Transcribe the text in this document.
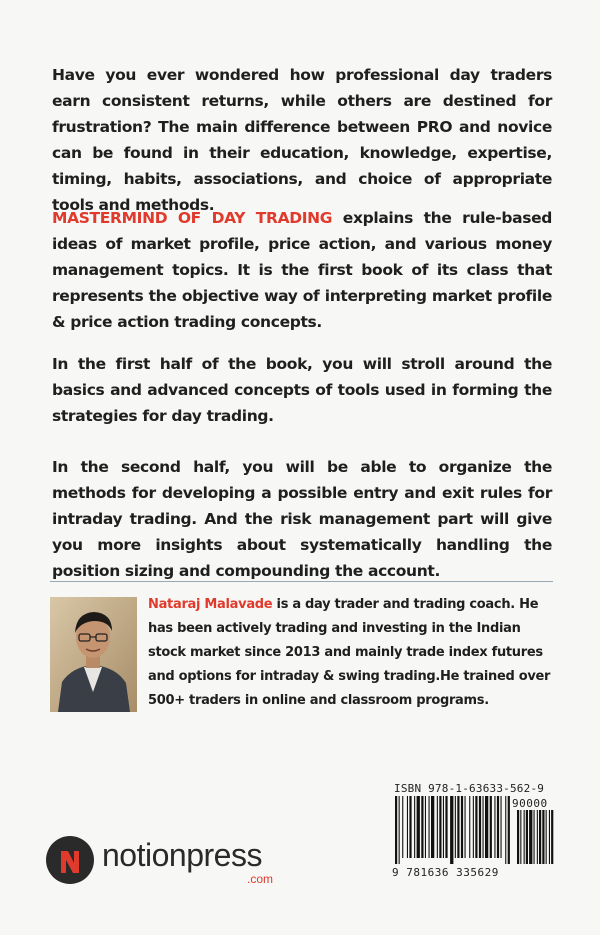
Have you ever wondered how professional day traders earn consistent returns, while others are destined for frustration? The main difference between PRO and novice can be found in their education, knowledge, expertise, timing, habits, associations, and choice of appropriate tools and methods.

MASTERMIND OF DAY TRADING explains the rule-based ideas of market profile, price action, and various money management topics. It is the first book of its class that represents the objective way of interpreting market profile & price action trading concepts.

In the first half of the book, you will stroll around the basics and advanced concepts of tools used in forming the strategies for day trading.

In the second half, you will be able to organize the methods for developing a possible entry and exit rules for intraday trading. And the risk management part will give you more insights about systematically handling the position sizing and compounding the account.

Nataraj Malavade is a day trader and trading coach. He has been actively trading and investing in the Indian stock market since 2013 and mainly trade index futures and options for intraday & swing trading.He trained over 500+ traders in online and classroom programs.

notionpress
.com
ISBN 978-1-63633-562-9
90000
9 781636 335629
